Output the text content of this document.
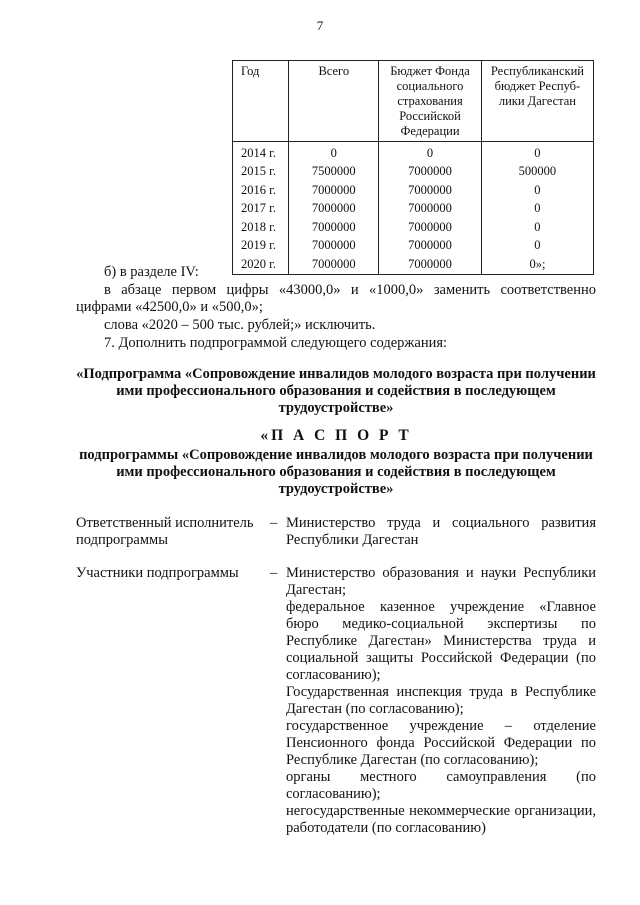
7
Год	Всего	Бюджет Фонда социального страхования Российской Федерации	Республиканский бюджет Респуб-лики Дагестан
2014 г.	0	0	0
2015 г.	7500000	7000000	500000
2016 г.	7000000	7000000	0
2017 г.	7000000	7000000	0
2018 г.	7000000	7000000	0
2019 г.	7000000	7000000	0
2020 г.	7000000	7000000	0»;
б) в разделе IV:
в абзаце первом цифры «43000,0» и «1000,0» заменить соответственно цифрами «42500,0» и «500,0»;
слова «2020 – 500 тыс. рублей;» исключить.
7. Дополнить подпрограммой следующего содержания:
«Подпрограмма «Сопровождение инвалидов молодого возраста при получении ими профессионального образования и содействия в последующем трудоустройстве»
«П А С П О Р Т
подпрограммы «Сопровождение инвалидов молодого возраста при получении ими профессионального образования и содействия в последующем трудоустройстве»
Ответственный исполнитель подпрограммы
– Министерство труда и социального развития Республики Дагестан
Участники подпрограммы	– Министерство образования и науки Республики Дагестан;
федеральное казенное учреждение «Главное бюро медико-социальной экспертизы по Республике Дагестан» Министерства труда и социальной защиты Российской Федерации (по согласованию);
Государственная инспекция труда в Республике Дагестан (по согласованию);
государственное учреждение – отделение Пенсионного фонда Российской Федерации по Республике Дагестан (по согласованию);
органы местного самоуправления (по согласованию);
негосударственные некоммерческие организации, работодатели (по согласованию)
